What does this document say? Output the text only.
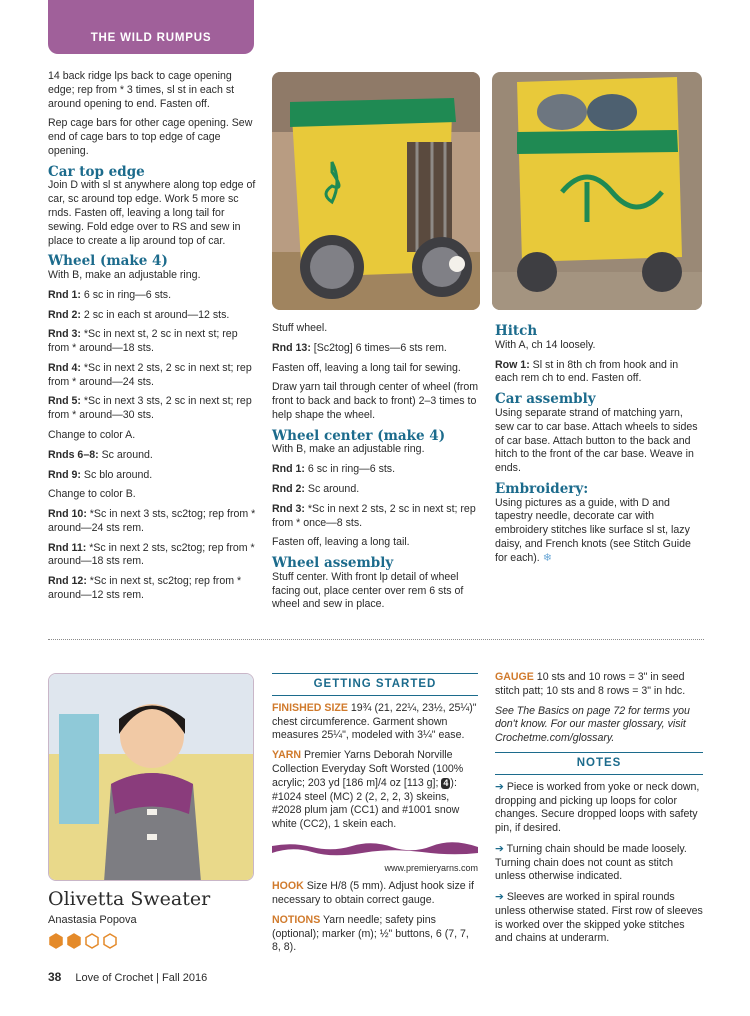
THE WILD RUMPUS

14 back ridge lps back to cage opening edge; rep from * 3 times, sl st in each st around opening to end. Fasten off.

Rep cage bars for other cage opening. Sew end of cage bars to top edge of cage opening.

Car top edge

Join D with sl st anywhere along top edge of car, sc around top edge. Work 5 more sc rnds. Fasten off, leaving a long tail for sewing. Fold edge over to RS and sew in place to create a lip around top of car.

Wheel (make 4)

With B, make an adjustable ring.

Rnd 1: 6 sc in ring—6 sts.

Rnd 2: 2 sc in each st around—12 sts.

Rnd 3: *Sc in next st, 2 sc in next st; rep from * around—18 sts.

Rnd 4: *Sc in next 2 sts, 2 sc in next st; rep from * around—24 sts.

Rnd 5: *Sc in next 3 sts, 2 sc in next st; rep from * around—30 sts.

Change to color A.

Rnds 6–8: Sc around.

Rnd 9: Sc blo around.

Change to color B.

Rnd 10: *Sc in next 3 sts, sc2tog; rep from * around—24 sts rem.

Rnd 11: *Sc in next 2 sts, sc2tog; rep from * around—18 sts rem.

Rnd 12: *Sc in next st, sc2tog; rep from * around—12 sts rem.

Stuff wheel.

Rnd 13: [Sc2tog] 6 times—6 sts rem.

Fasten off, leaving a long tail for sewing.

Draw yarn tail through center of wheel (from front to back and back to front) 2–3 times to help shape the wheel.

Wheel center (make 4)

With B, make an adjustable ring.

Rnd 1: 6 sc in ring—6 sts.

Rnd 2: Sc around.

Rnd 3: *Sc in next 2 sts, 2 sc in next st; rep from * once—8 sts.

Fasten off, leaving a long tail.

Wheel assembly

Stuff center. With front lp detail of wheel facing out, place center over rem 6 sts of wheel and sew in place.

Hitch

With A, ch 14 loosely.

Row 1: Sl st in 8th ch from hook and in each rem ch to end. Fasten off.

Car assembly

Using separate strand of matching yarn, sew car to car base. Attach wheels to sides of car base. Attach button to the back and hitch to the front of the car base. Weave in ends.

Embroidery:

Using pictures as a guide, with D and tapestry needle, decorate car with embroidery stitches like surface sl st, lazy daisy, and French knots (see Stitch Guide for each). ❄

Olivetta Sweater
Anastasia Popova
GETTING STARTED

FINISHED SIZE 19¾ (21, 22¼, 23½, 25¼)" chest circumference. Garment shown measures 25¼", modeled with 3¼" ease.

YARN Premier Yarns Deborah Norville Collection Everyday Soft Worsted (100% acrylic; 203 yd [186 m]/4 oz [113 g]; 4 ): #1024 steel (MC) 2 (2, 2, 2, 3) skeins, #2028 plum jam (CC1) and #1001 snow white (CC2), 1 skein each.

www.premieryarns.com

HOOK Size H/8 (5 mm). Adjust hook size if necessary to obtain correct gauge.

NOTIONS Yarn needle; safety pins (optional); marker (m); ½" buttons, 6 (7, 7, 8, 8).

GAUGE 10 sts and 10 rows = 3" in seed stitch patt; 10 sts and 8 rows = 3" in hdc.

See The Basics on page 72 for terms you don't know. For our master glossary, visit Crochetme.com/glossary.

NOTES

➔ Piece is worked from yoke or neck down, dropping and picking up loops for color changes. Secure dropped loops with safety pin, if desired.

➔ Turning chain should be made loosely. Turning chain does not count as stitch unless otherwise indicated.

➔ Sleeves are worked in spiral rounds unless otherwise stated. First row of sleeves is worked over the skipped yoke stitches and chains at underarm.

38 Love of Crochet | Fall 2016
